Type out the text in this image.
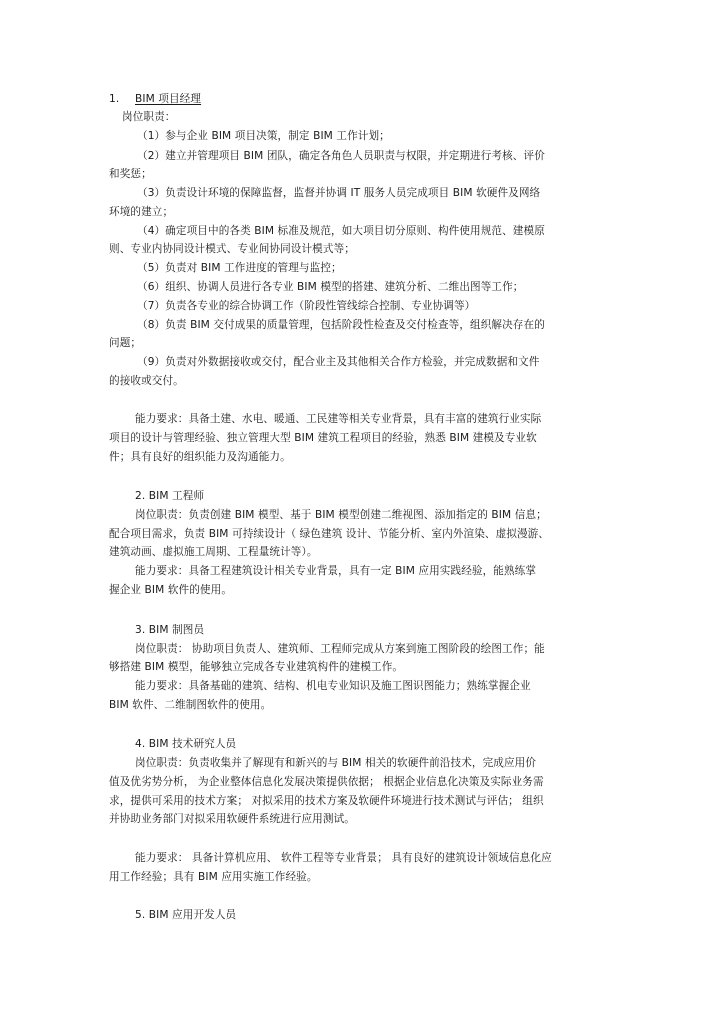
1. BIM 项目经理
岗位职责：
（1）参与企业 BIM 项目决策，制定 BIM 工作计划；
（2）建立并管理项目 BIM 团队，确定各角色人员职责与权限，并定期进行考核、评价
和奖惩；
（3）负责设计环境的保障监督，监督并协调 IT 服务人员完成项目 BIM 软硬件及网络
环境的建立；
（4）确定项目中的各类 BIM 标准及规范，如大项目切分原则、构件使用规范、建模原
则、专业内协同设计模式、专业间协同设计模式等；
（5）负责对 BIM 工作进度的管理与监控；
（6）组织、协调人员进行各专业 BIM 模型的搭建、建筑分析、二维出图等工作；
（7）负责各专业的综合协调工作（阶段性管线综合控制、专业协调等）
（8）负责 BIM 交付成果的质量管理，包括阶段性检查及交付检查等，组织解决存在的
问题；
（9）负责对外数据接收或交付，配合业主及其他相关合作方检验，并完成数据和文件
的接收或交付。
能力要求：具备土建、水电、暖通、工民建等相关专业背景，具有丰富的建筑行业实际
项目的设计与管理经验、独立管理大型 BIM 建筑工程项目的经验，熟悉 BIM 建模及专业软
件；具有良好的组织能力及沟通能力。
2. BIM 工程师
岗位职责：负责创建 BIM 模型、基于 BIM 模型创建二维视图、添加指定的 BIM 信息；
配合项目需求，负责 BIM 可持续设计（ 绿色建筑 设计、节能分析、室内外渲染、虚拟漫游、
建筑动画、虚拟施工周期、工程量统计等）。
能力要求：具备工程建筑设计相关专业背景，具有一定 BIM 应用实践经验，能熟练掌
握企业 BIM 软件的使用。
3. BIM 制图员
岗位职责： 协助项目负责人、建筑师、工程师完成从方案到施工图阶段的绘图工作；能
够搭建 BIM 模型，能够独立完成各专业建筑构件的建模工作。
能力要求：具备基础的建筑、结构、机电专业知识及施工图识图能力；熟练掌握企业
BIM 软件、二维制图软件的使用。
4. BIM 技术研究人员
岗位职责：负责收集并了解现有和新兴的与 BIM 相关的软硬件前沿技术，完成应用价
值及优劣势分析， 为企业整体信息化发展决策提供依据； 根据企业信息化决策及实际业务需
求，提供可采用的技术方案； 对拟采用的技术方案及软硬件环境进行技术测试与评估； 组织
并协助业务部门对拟采用软硬件系统进行应用测试。
能力要求： 具备计算机应用、 软件工程等专业背景； 具有良好的建筑设计领域信息化应
用工作经验；具有 BIM 应用实施工作经验。
5. BIM 应用开发人员
